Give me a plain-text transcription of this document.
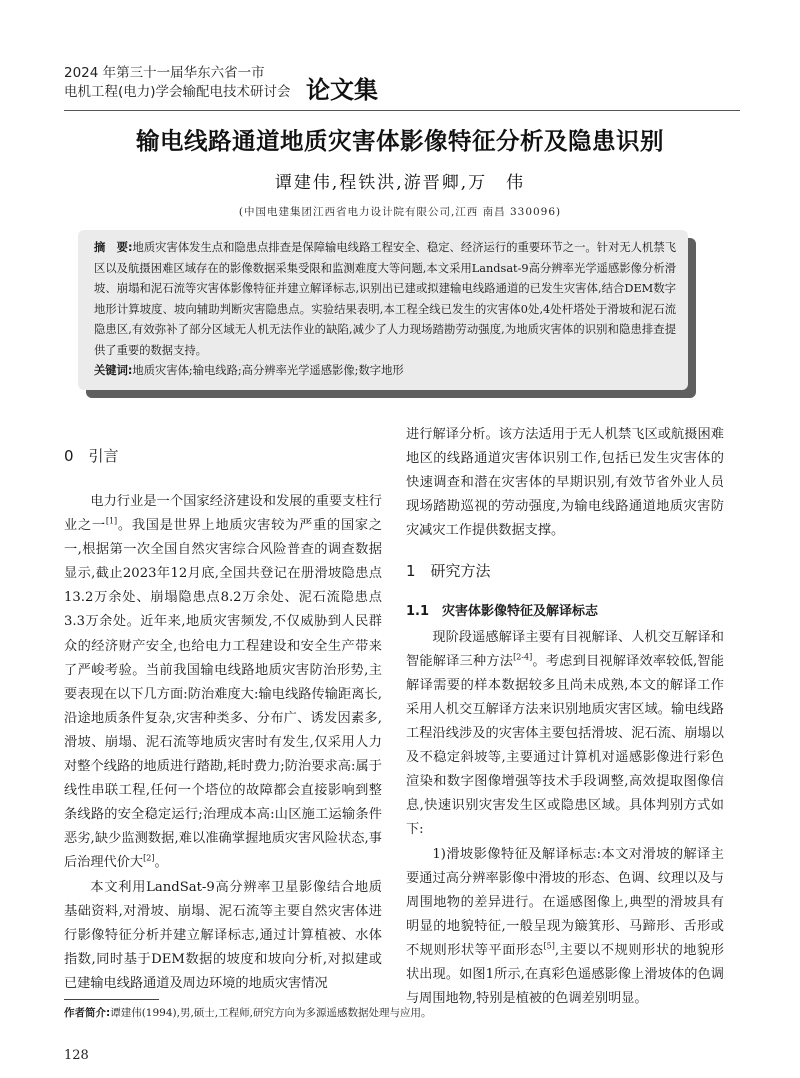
2024 年第三十一届华东六省一市
电机工程(电力)学会输配电技术研讨会 论文集
输电线路通道地质灾害体影像特征分析及隐患识别
谭建伟,程铁洪,游晋卿,万　伟
(中国电建集团江西省电力设计院有限公司,江西 南昌 330096)

摘　要:地质灾害体发生点和隐患点排查是保障输电线路工程安全、稳定、经济运行的重要环节之一。针对无人机禁飞区以及航摄困难区域存在的影像数据采集受限和监测难度大等问题,本文采用Landsat-9高分辨率光学遥感影像分析滑坡、崩塌和泥石流等灾害体影像特征并建立解译标志,识别出已建或拟建输电线路通道的已发生灾害体,结合DEM数字地形计算坡度、坡向辅助判断灾害隐患点。实验结果表明,本工程全线已发生的灾害体0处,4处杆塔处于滑坡和泥石流隐患区,有效弥补了部分区域无人机无法作业的缺陷,减少了人力现场踏勘劳动强度,为地质灾害体的识别和隐患排查提供了重要的数据支持。

关键词:地质灾害体;输电线路;高分辨率光学遥感影像;数字地形

0　引言

电力行业是一个国家经济建设和发展的重要支柱行业之一[1]。我国是世界上地质灾害较为严重的国家之一,根据第一次全国自然灾害综合风险普查的调查数据显示,截止2023年12月底,全国共登记在册滑坡隐患点13.2万余处、崩塌隐患点8.2万余处、泥石流隐患点3.3万余处。近年来,地质灾害频发,不仅威胁到人民群众的经济财产安全,也给电力工程建设和安全生产带来了严峻考验。当前我国输电线路地质灾害防治形势,主要表现在以下几方面:防治难度大:输电线路传输距离长,沿途地质条件复杂,灾害种类多、分布广、诱发因素多,滑坡、崩塌、泥石流等地质灾害时有发生,仅采用人力对整个线路的地质进行踏勘,耗时费力;防治要求高:属于线性串联工程,任何一个塔位的故障都会直接影响到整条线路的安全稳定运行;治理成本高:山区施工运输条件恶劣,缺少监测数据,难以准确掌握地质灾害风险状态,事后治理代价大[2]。

本文利用LandSat-9高分辨率卫星影像结合地质基础资料,对滑坡、崩塌、泥石流等主要自然灾害体进行影像特征分析并建立解译标志,通过计算植被、水体指数,同时基于DEM数据的坡度和坡向分析,对拟建或已建输电线路通道及周边环境的地质灾害情况

进行解译分析。该方法适用于无人机禁飞区或航摄困难地区的线路通道灾害体识别工作,包括已发生灾害体的快速调查和潜在灾害体的早期识别,有效节省外业人员现场踏勘巡视的劳动强度,为输电线路通道地质灾害防灾减灾工作提供数据支撑。

1　研究方法
1.1　灾害体影像特征及解译标志

现阶段遥感解译主要有目视解译、人机交互解译和智能解译三种方法[2-4]。考虑到目视解译效率较低,智能解译需要的样本数据较多且尚未成熟,本文的解译工作采用人机交互解译方法来识别地质灾害区域。输电线路工程沿线涉及的灾害体主要包括滑坡、泥石流、崩塌以及不稳定斜坡等,主要通过计算机对遥感影像进行彩色渲染和数字图像增强等技术手段调整,高效提取图像信息,快速识别灾害发生区或隐患区域。具体判别方式如下:

1)滑坡影像特征及解译标志:本文对滑坡的解译主要通过高分辨率影像中滑坡的形态、色调、纹理以及与周围地物的差异进行。在遥感图像上,典型的滑坡具有明显的地貌特征,一般呈现为簸箕形、马蹄形、舌形或不规则形状等平面形态[5],主要以不规则形状的地貌形状出现。如图1所示,在真彩色遥感影像上滑坡体的色调与周围地物,特别是植被的色调差别明显。

作者简介:谭建伟(1994),男,硕士,工程师,研究方向为多源遥感数据处理与应用。
128
